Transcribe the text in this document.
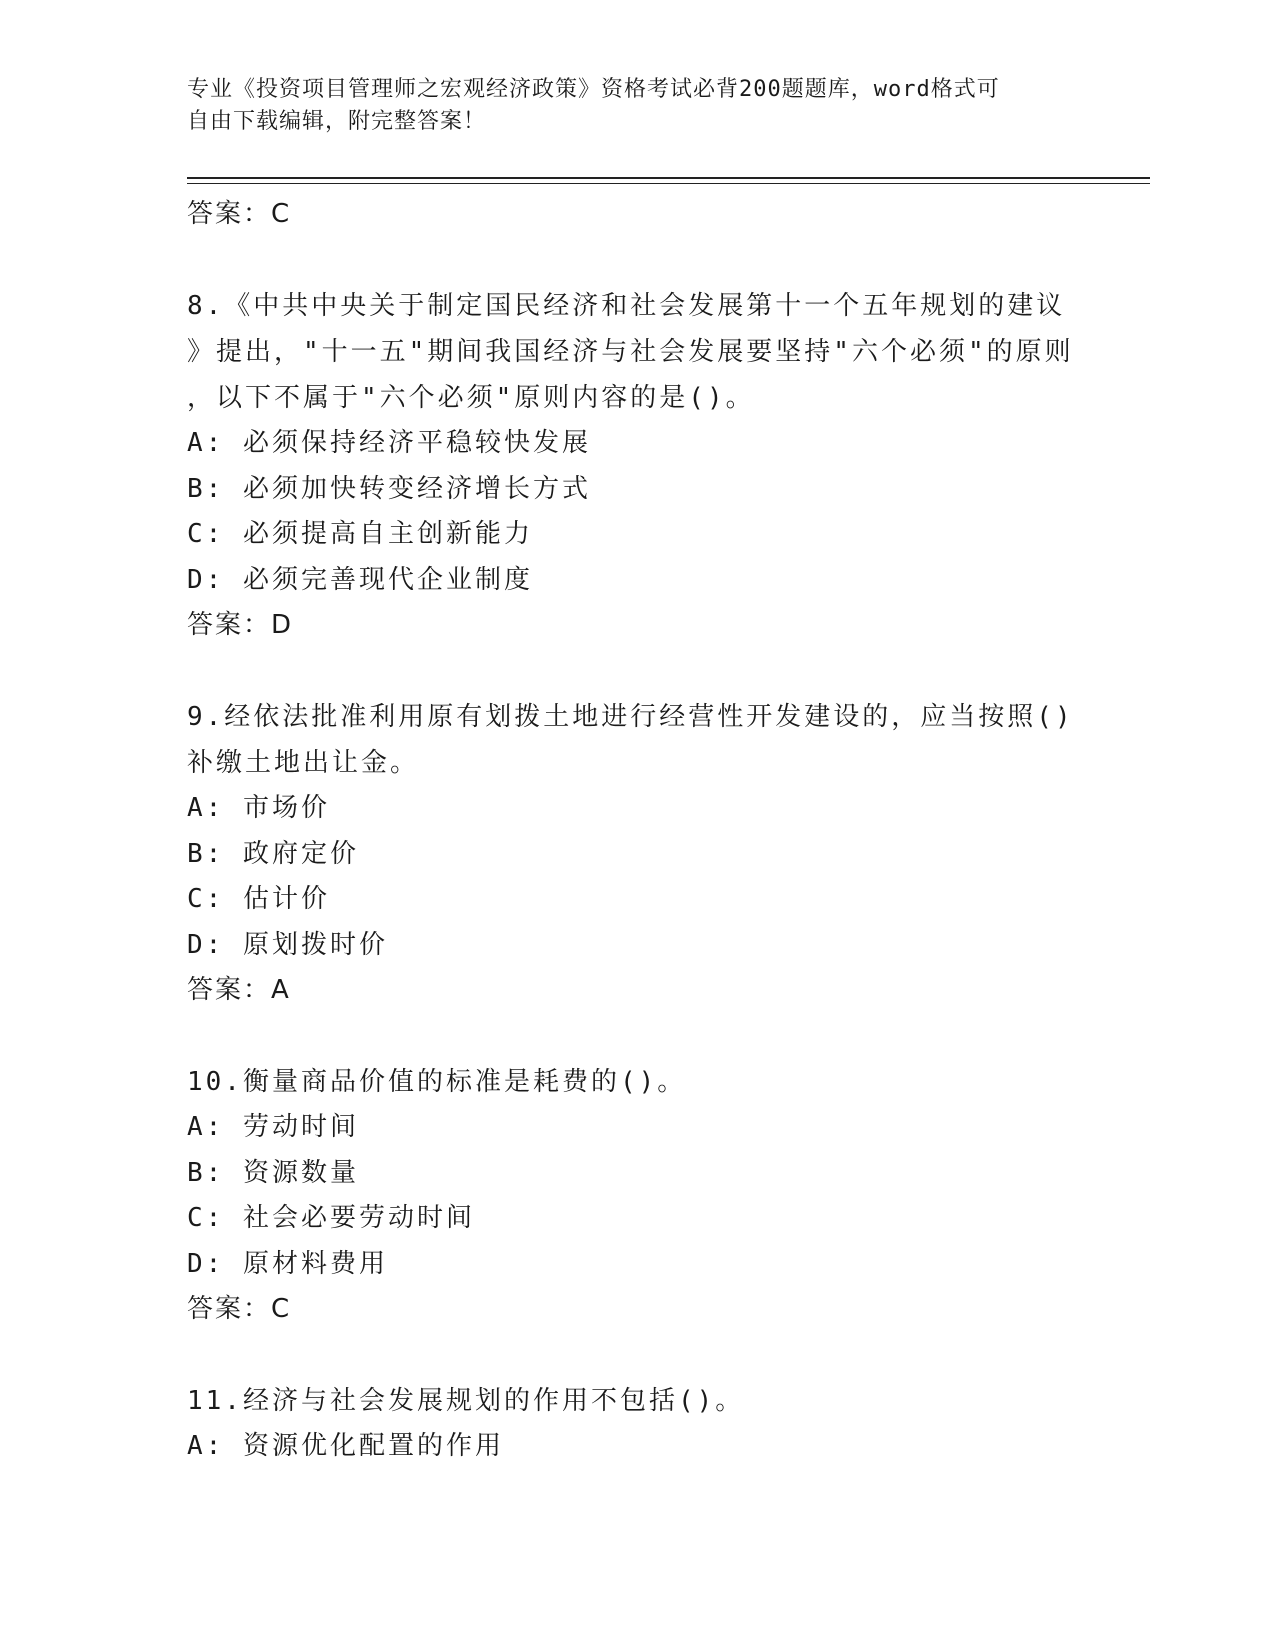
专业《投资项目管理师之宏观经济政策》资格考试必背200题题库，word格式可
自由下载编辑，附完整答案！
答案：C
8.《中共中央关于制定国民经济和社会发展第十一个五年规划的建议
》提出，"十一五"期间我国经济与社会发展要坚持"六个必须"的原则
，以下不属于"六个必须"原则内容的是()。
A: 必须保持经济平稳较快发展
B: 必须加快转变经济增长方式
C: 必须提高自主创新能力
D: 必须完善现代企业制度
答案：D
9.经依法批准利用原有划拨土地进行经营性开发建设的，应当按照()
补缴土地出让金。
A: 市场价
B: 政府定价
C: 估计价
D: 原划拨时价
答案：A
10.衡量商品价值的标准是耗费的()。
A: 劳动时间
B: 资源数量
C: 社会必要劳动时间
D: 原材料费用
答案：C
11.经济与社会发展规划的作用不包括()。
A: 资源优化配置的作用
